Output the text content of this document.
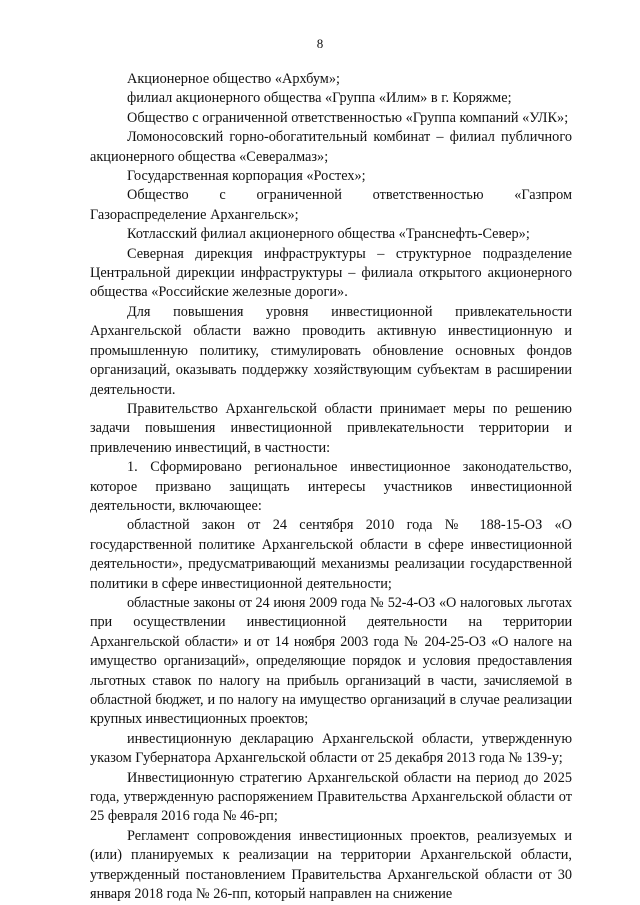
8

Акционерное общество «Архбум»;

филиал акционерного общества «Группа «Илим» в г. Коряжме;

Общество с ограниченной ответственностью «Группа компаний «УЛК»;

Ломоносовский горно-обогатительный комбинат – филиал публичного акционерного общества «Севералмаз»;

Государственная корпорация «Ростех»;

Общество с ограниченной ответственностью «Газпром Газораспределение Архангельск»;

Котласский филиал акционерного общества «Транснефть-Север»;

Северная дирекция инфраструктуры – структурное подразделение Центральной дирекции инфраструктуры – филиала открытого акционерного общества «Российские железные дороги».

Для повышения уровня инвестиционной привлекательности Архангельской области важно проводить активную инвестиционную и промышленную политику, стимулировать обновление основных фондов организаций, оказывать поддержку хозяйствующим субъектам в расширении деятельности.

Правительство Архангельской области принимает меры по решению задачи повышения инвестиционной привлекательности территории и привлечению инвестиций, в частности:

1. Сформировано региональное инвестиционное законодательство, которое призвано защищать интересы участников инвестиционной деятельности, включающее:

областной закон от 24 сентября 2010 года № 188-15-ОЗ «О государственной политике Архангельской области в сфере инвестиционной деятельности», предусматривающий механизмы реализации государственной политики в сфере инвестиционной деятельности;

областные законы от 24 июня 2009 года № 52-4-ОЗ «О налоговых льготах при осуществлении инвестиционной деятельности на территории Архангельской области» и от 14 ноября 2003 года № 204-25-ОЗ «О налоге на имущество организаций», определяющие порядок и условия предоставления льготных ставок по налогу на прибыль организаций в части, зачисляемой в областной бюджет, и по налогу на имущество организаций в случае реализации крупных инвестиционных проектов;

инвестиционную декларацию Архангельской области, утвержденную указом Губернатора Архангельской области от 25 декабря 2013 года № 139-у;

Инвестиционную стратегию Архангельской области на период до 2025 года, утвержденную распоряжением Правительства Архангельской области от 25 февраля 2016 года № 46-рп;

Регламент сопровождения инвестиционных проектов, реализуемых и (или) планируемых к реализации на территории Архангельской области, утвержденный постановлением Правительства Архангельской области от 30 января 2018 года № 26-пп, который направлен на снижение
